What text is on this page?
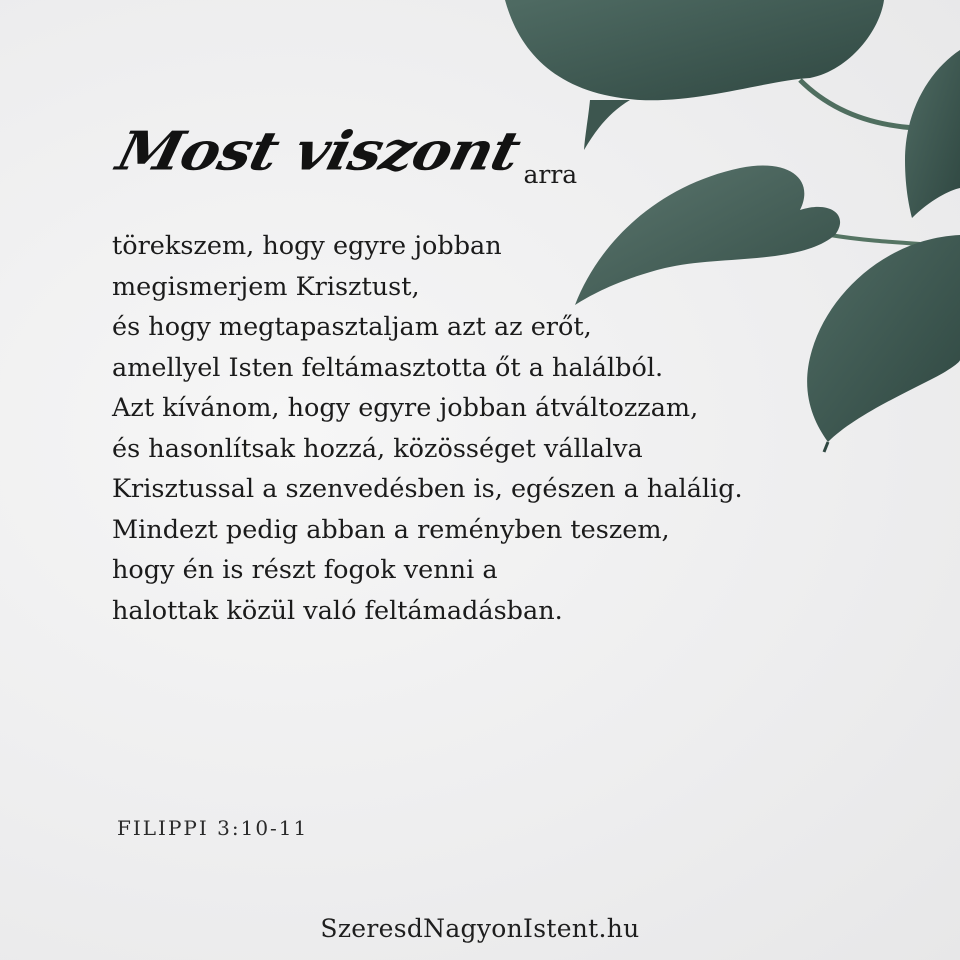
Most viszont
arra
törekszem, hogy egyre jobban
megismerjem Krisztust,
és hogy megtapasztaljam azt az erőt,
amellyel Isten feltámasztotta őt a halálból.
Azt kívánom, hogy egyre jobban átváltozzam,
és hasonlítsak hozzá, közösséget vállalva
Krisztussal a szenvedésben is, egészen a halálig.
Mindezt pedig abban a reményben teszem,
hogy én is részt fogok venni a
halottak közül való feltámadásban.
FILIPPI 3:10-11
SzeresdNagyonIstent.hu
